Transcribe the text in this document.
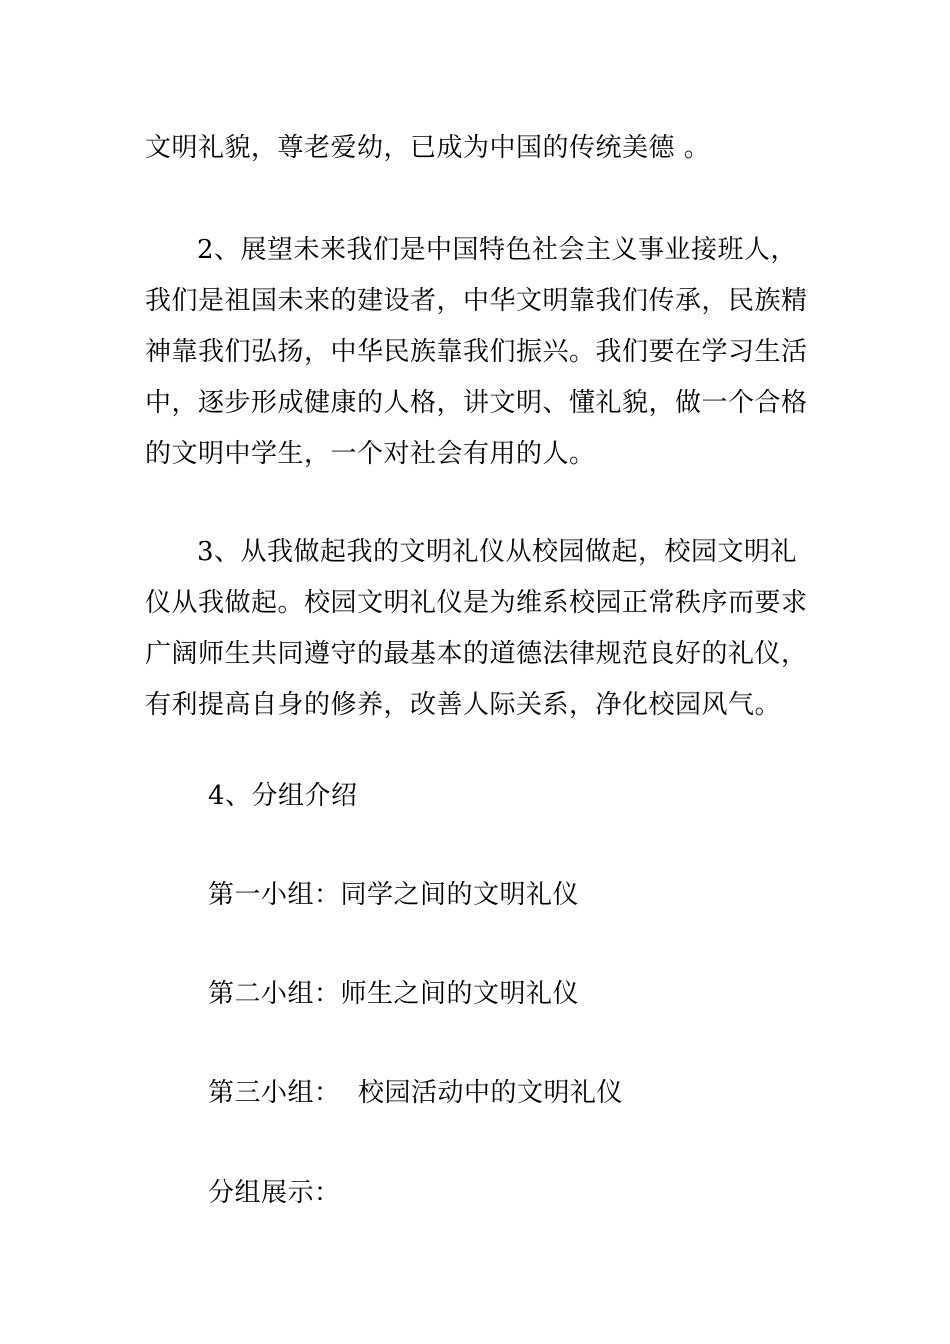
文明礼貌，尊老爱幼，已成为中国的传统美德 。
2、展望未来我们是中国特色社会主义事业接班人，
我们是祖国未来的建设者，中华文明靠我们传承，民族精
神靠我们弘扬，中华民族靠我们振兴。我们要在学习生活
中，逐步形成健康的人格，讲文明、懂礼貌，做一个合格
的文明中学生，一个对社会有用的人。
3、从我做起我的文明礼仪从校园做起，校园文明礼
仪从我做起。校园文明礼仪是为维系校园正常秩序而要求
广阔师生共同遵守的最基本的道德法律规范良好的礼仪，
有利提高自身的修养，改善人际关系，净化校园风气。
4、分组介绍
第一小组：同学之间的文明礼仪
第二小组：师生之间的文明礼仪
第三小组：  校园活动中的文明礼仪
分组展示：
